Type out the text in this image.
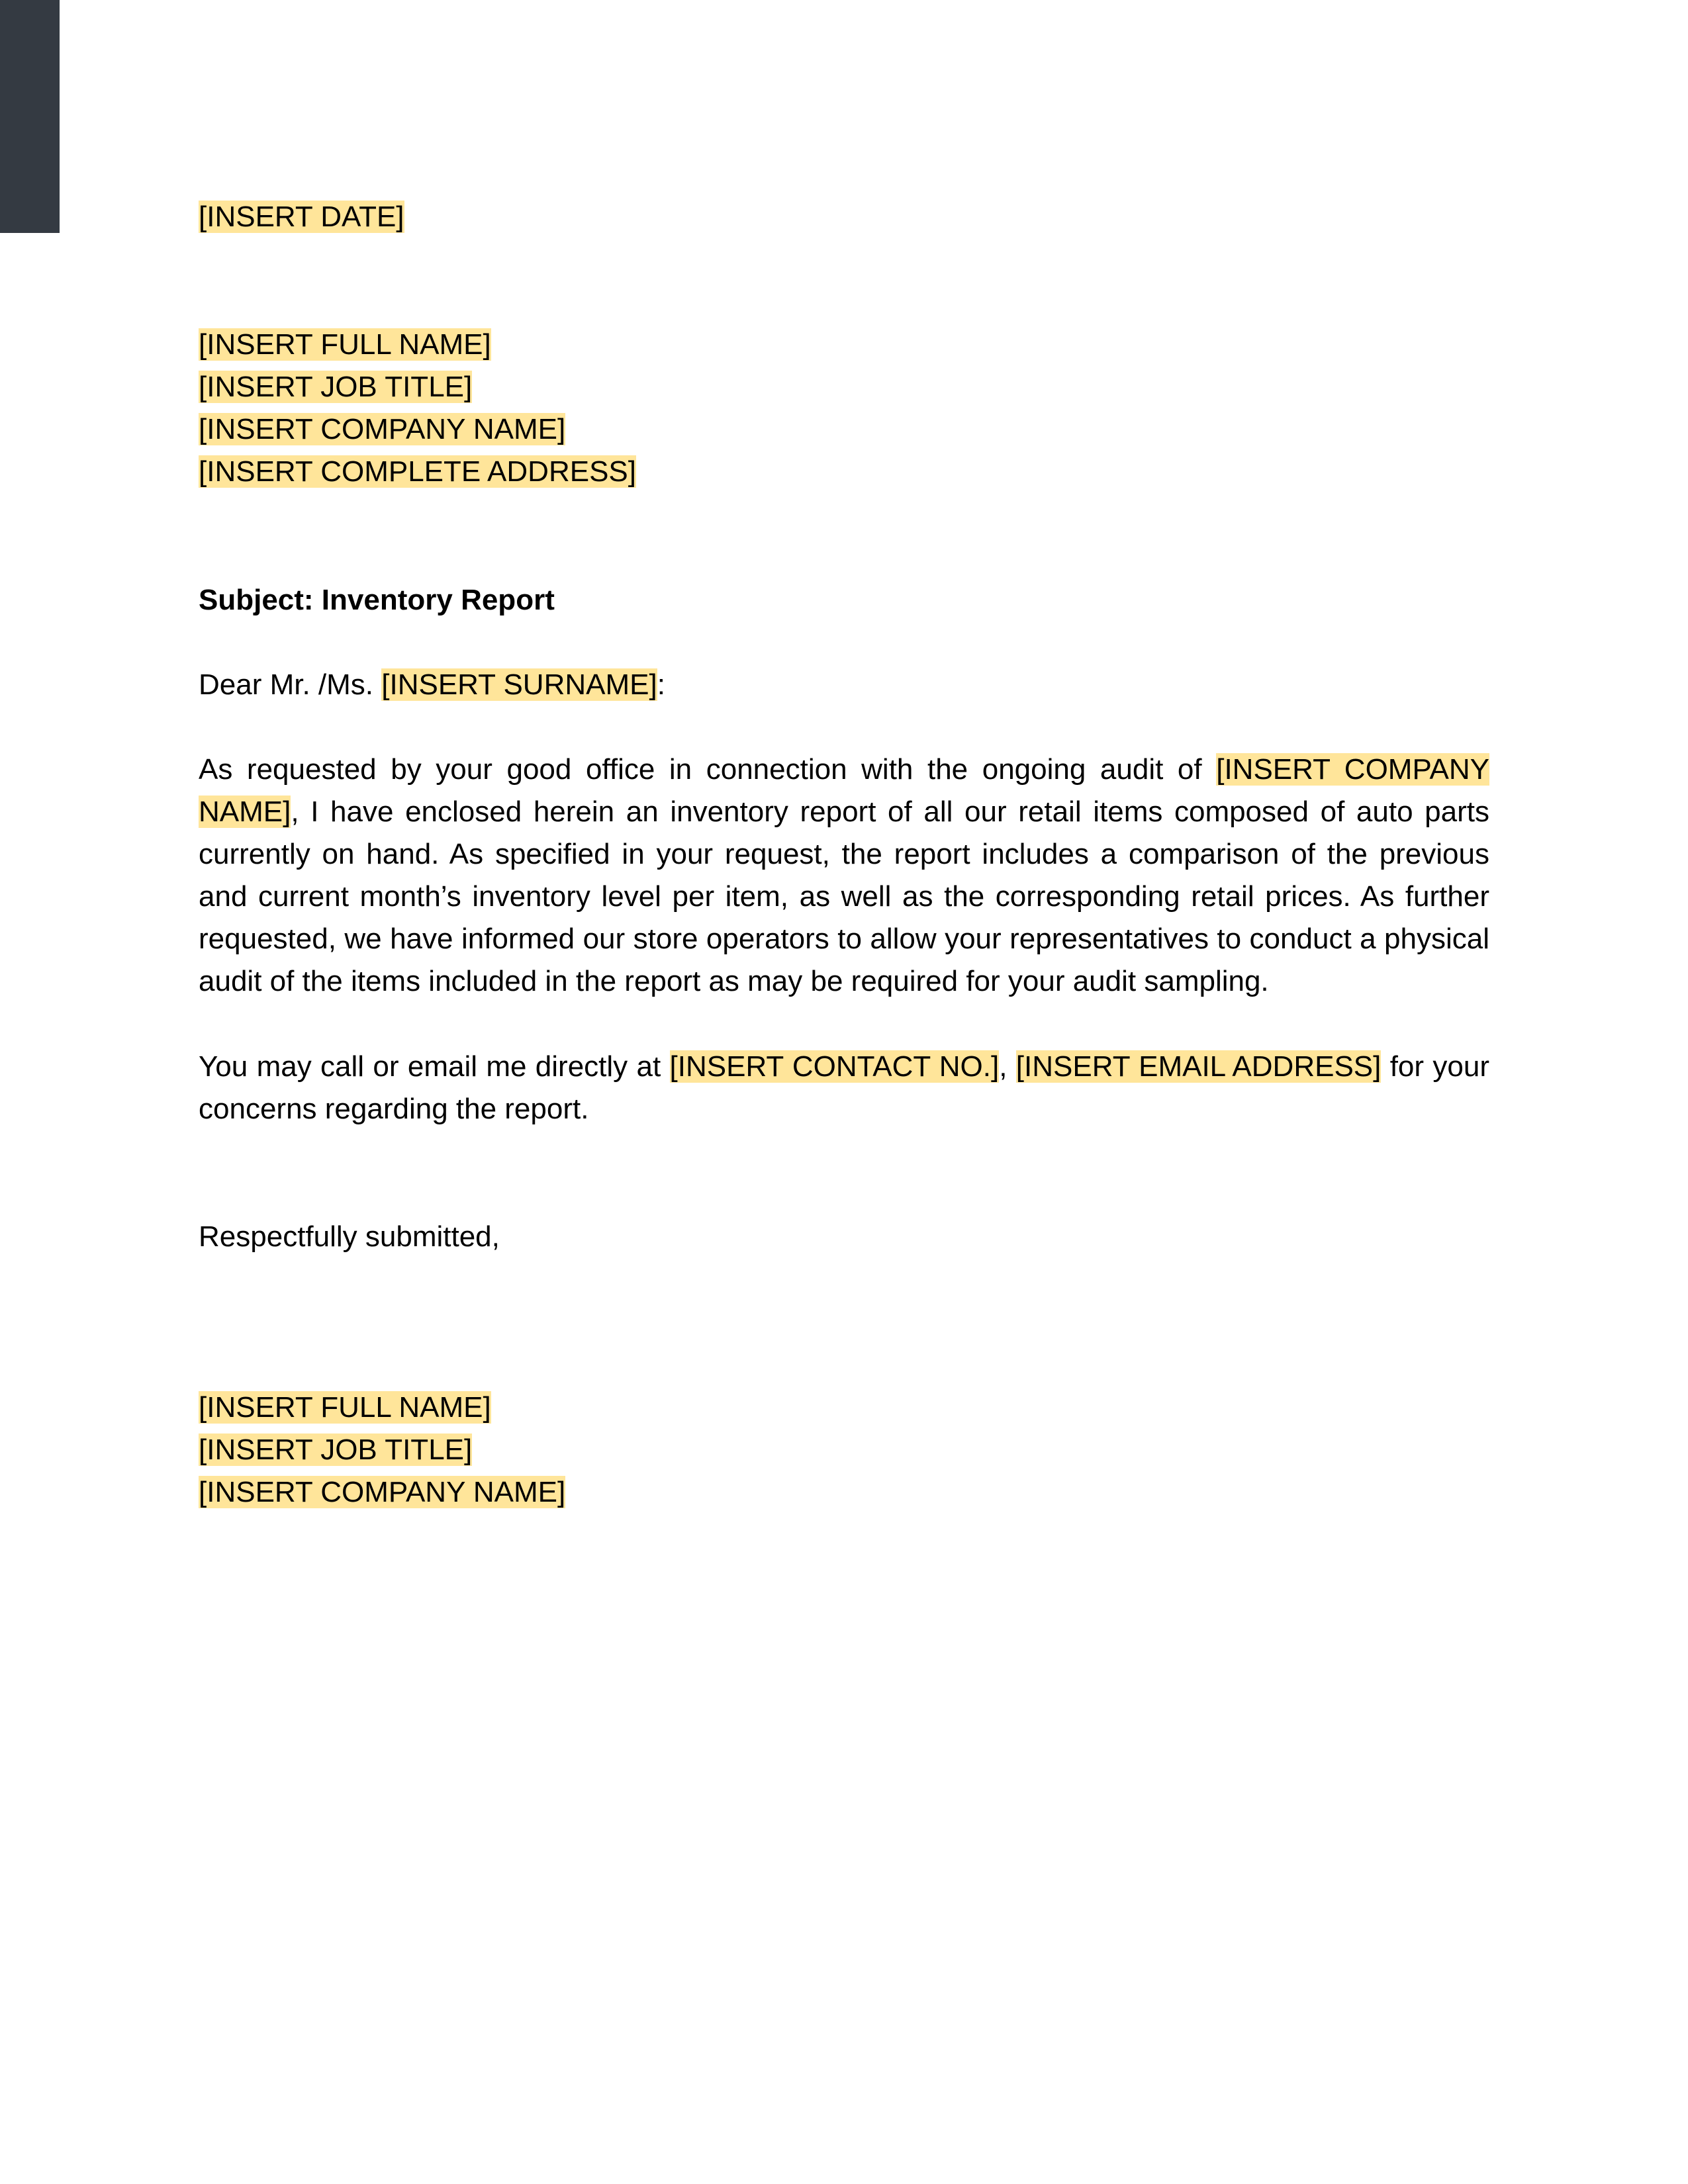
[INSERT DATE]
[INSERT FULL NAME]
[INSERT JOB TITLE]
[INSERT COMPANY NAME]
[INSERT COMPLETE ADDRESS]
Subject: Inventory Report
Dear Mr. /Ms. [INSERT SURNAME]:
As requested by your good office in connection with the ongoing audit of [INSERT COMPANY NAME], I have enclosed herein an inventory report of all our retail items composed of auto parts currently on hand. As specified in your request, the report includes a comparison of the previous and current month’s inventory level per item, as well as the corresponding retail prices. As further requested, we have informed our store operators to allow your representatives to conduct a physical audit of the items included in the report as may be required for your audit sampling.
You may call or email me directly at [INSERT CONTACT NO.], [INSERT EMAIL ADDRESS] for your concerns regarding the report.
Respectfully submitted,
[INSERT FULL NAME]
[INSERT JOB TITLE]
[INSERT COMPANY NAME]
